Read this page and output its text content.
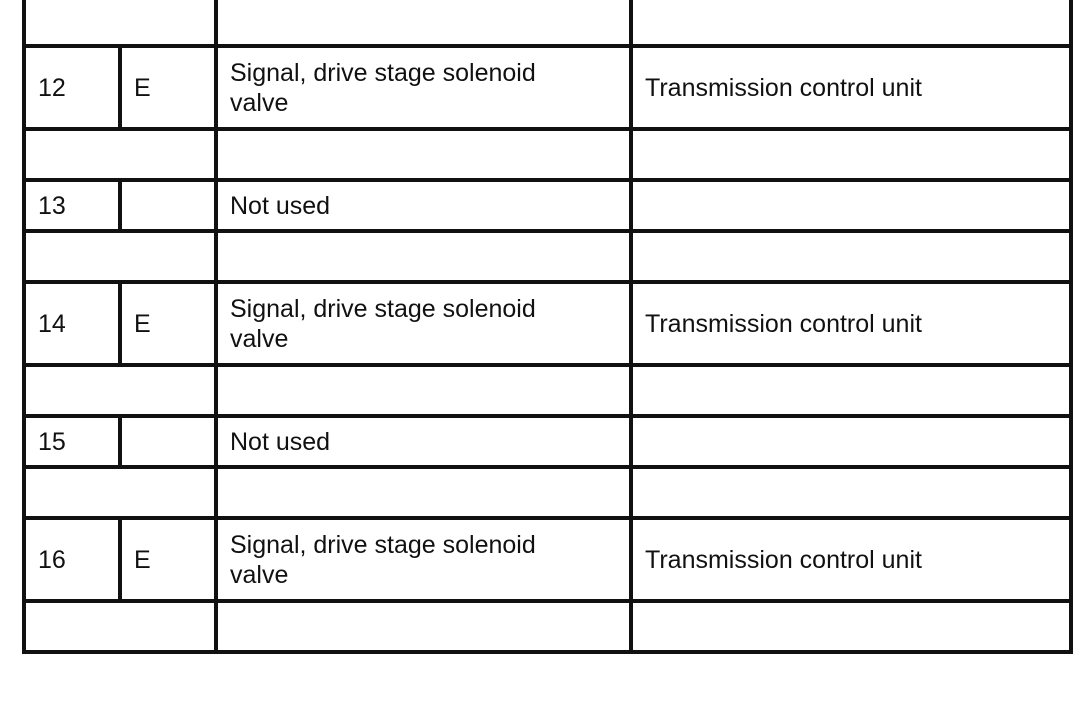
12	E	Signal, drive stage solenoid valve	Transmission control unit

13		Not used	

14	E	Signal, drive stage solenoid valve	Transmission control unit

15		Not used	

16	E	Signal, drive stage solenoid valve	Transmission control unit
